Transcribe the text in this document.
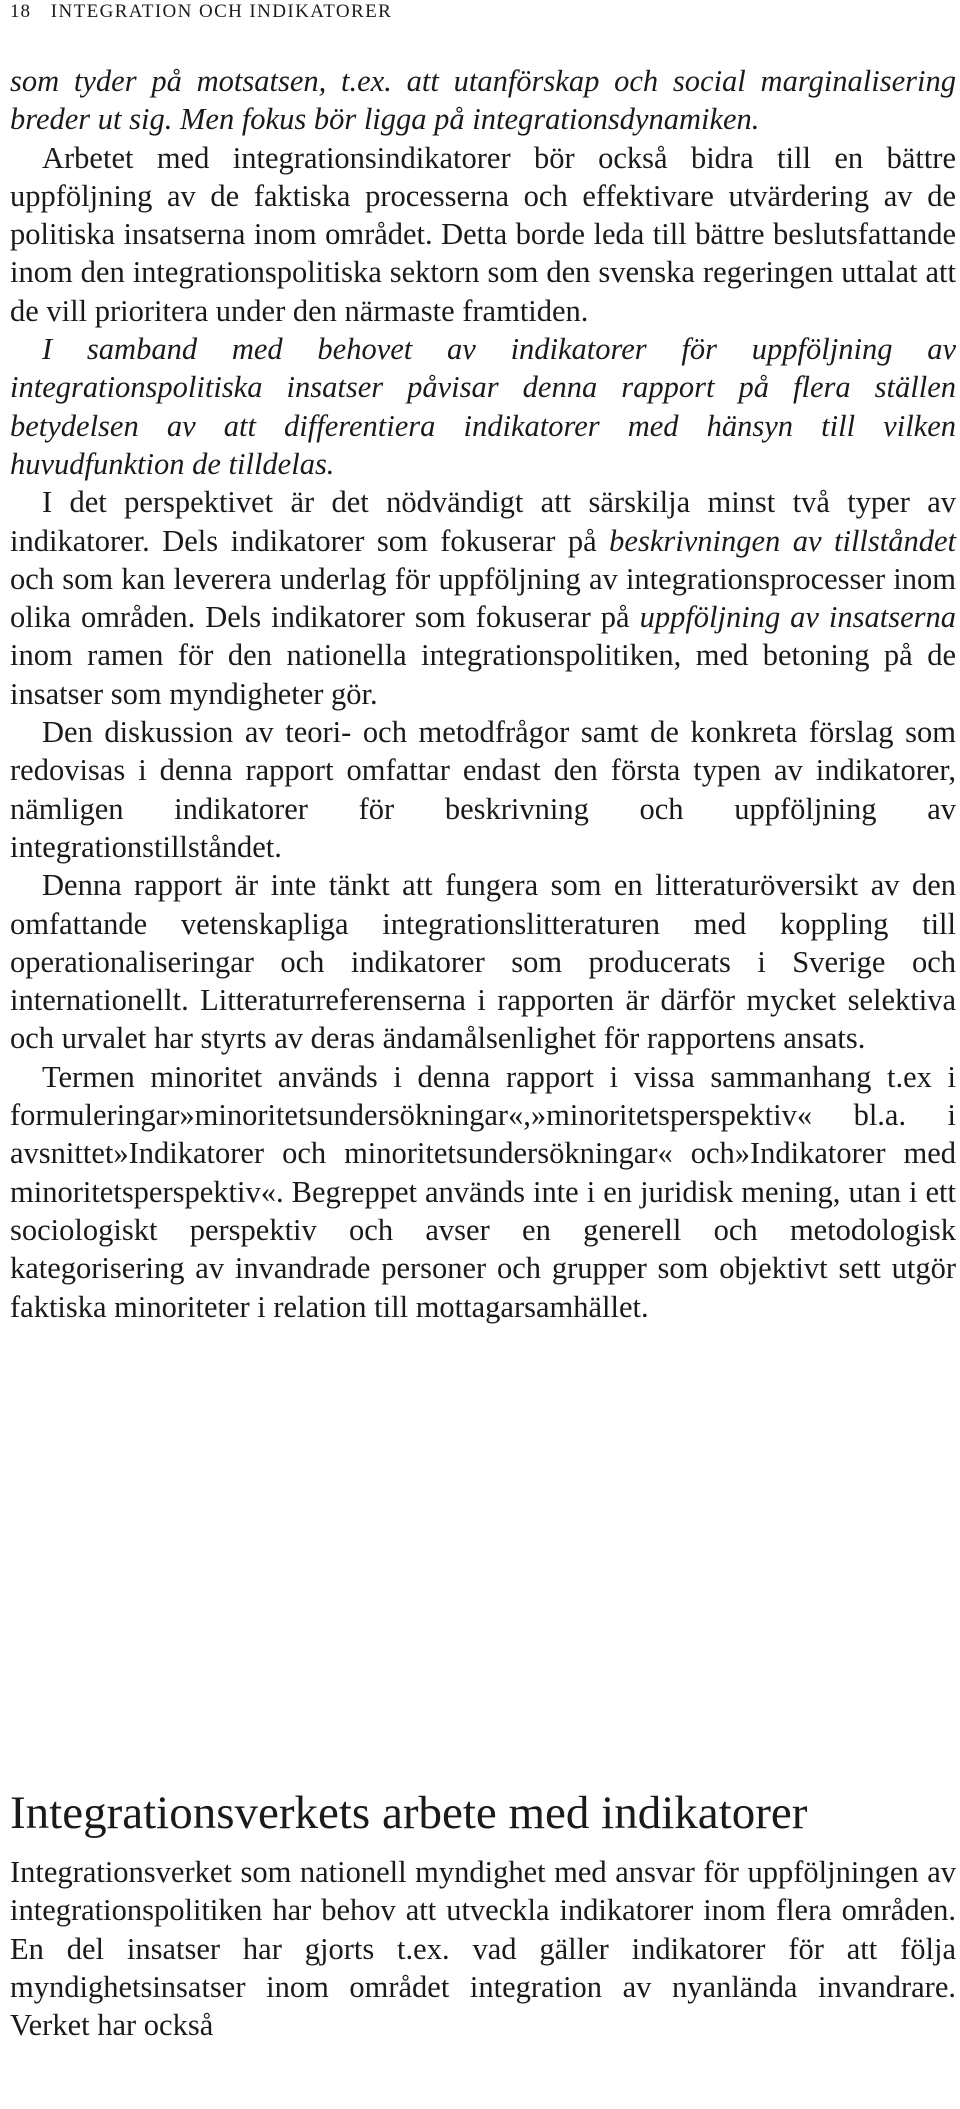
18 INTEGRATION OCH INDIKATORER

som tyder på motsatsen, t.ex. att utanförskap och social marginalisering breder ut sig. Men fokus bör ligga på integrationsdynamiken.

Arbetet med integrationsindikatorer bör också bidra till en bättre uppföljning av de faktiska processerna och effektivare utvärdering av de politiska insatserna inom området. Detta borde leda till bättre beslutsfattande inom den integrationspolitiska sektorn som den svenska regeringen uttalat att de vill prioritera under den närmaste framtiden.

I samband med behovet av indikatorer för uppföljning av integrationspolitiska insatser påvisar denna rapport på flera ställen betydelsen av att differentiera indikatorer med hänsyn till vilken huvudfunktion de tilldelas.

I det perspektivet är det nödvändigt att särskilja minst två typer av indikatorer. Dels indikatorer som fokuserar på beskrivningen av tillståndet och som kan leverera underlag för uppföljning av integrationsprocesser inom olika områden. Dels indikatorer som fokuserar på uppföljning av insatserna inom ramen för den nationella integrationspolitiken, med betoning på de insatser som myndigheter gör.

Den diskussion av teori- och metodfrågor samt de konkreta förslag som redovisas i denna rapport omfattar endast den första typen av indikatorer, nämligen indikatorer för beskrivning och uppföljning av integrationstillståndet.

Denna rapport är inte tänkt att fungera som en litteraturöversikt av den omfattande vetenskapliga integrationslitteraturen med koppling till operationaliseringar och indikatorer som producerats i Sverige och internationellt. Litteraturreferenserna i rapporten är därför mycket selektiva och urvalet har styrts av deras ändamålsenlighet för rapportens ansats.

Termen minoritet används i denna rapport i vissa sammanhang t.ex i formuleringar»minoritetsundersökningar«,»minoritetsperspektiv« bl.a. i avsnittet»Indikatorer och minoritetsundersökningar« och»Indikatorer med minoritetsperspektiv«. Begreppet används inte i en juridisk mening, utan i ett sociologiskt perspektiv och avser en generell och metodologisk kategorisering av invandrade personer och grupper som objektivt sett utgör faktiska minoriteter i relation till mottagarsamhället.

Integrationsverkets arbete med indikatorer

Integrationsverket som nationell myndighet med ansvar för uppföljningen av integrationspolitiken har behov att utveckla indikatorer inom flera områden. En del insatser har gjorts t.ex. vad gäller indikatorer för att följa myndighetsinsatser inom området integration av nyanlända invandrare. Verket har också
